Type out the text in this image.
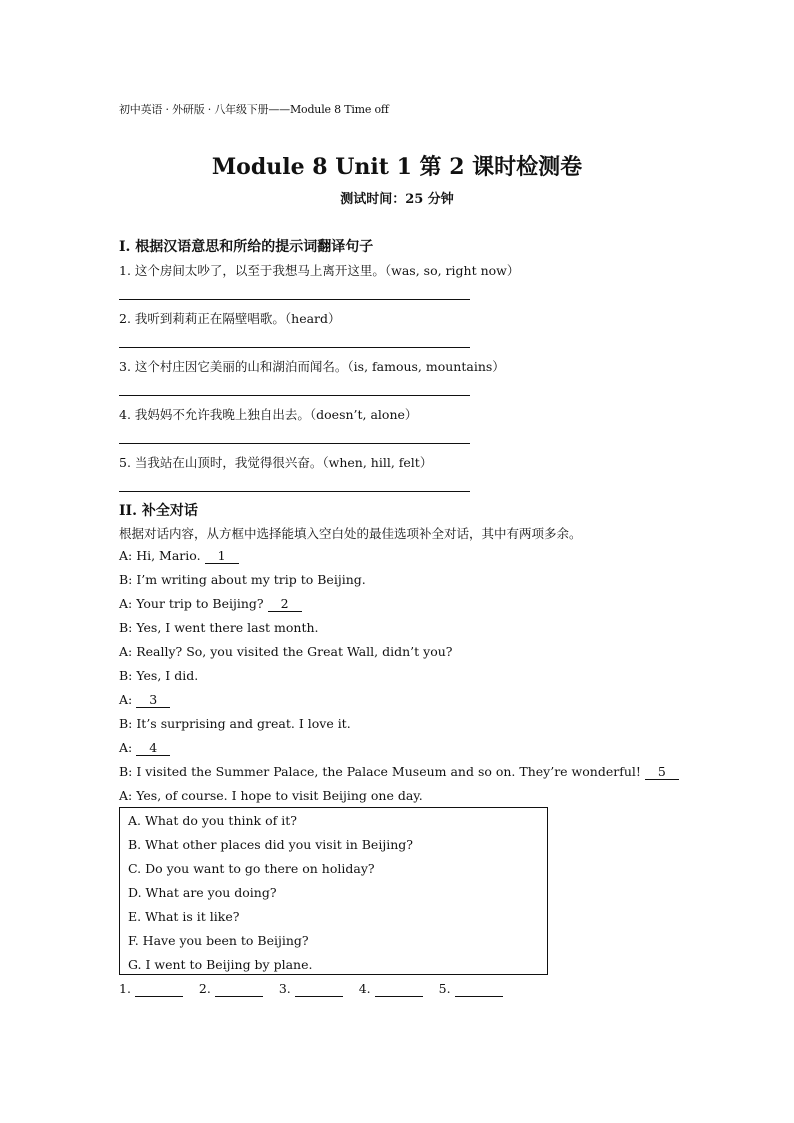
初中英语 · 外研版 · 八年级下册——Module 8 Time off
Module 8 Unit 1 第 2 课时检测卷
测试时间：25 分钟
I. 根据汉语意思和所给的提示词翻译句子
1. 这个房间太吵了，以至于我想马上离开这里。（was, so, right now）
2. 我听到莉莉正在隔壁唱歌。（heard）
3. 这个村庄因它美丽的山和湖泊而闻名。（is, famous, mountains）
4. 我妈妈不允许我晚上独自出去。（doesn’t, alone）
5. 当我站在山顶时，我觉得很兴奋。（when, hill, felt）
II. 补全对话
根据对话内容，从方框中选择能填入空白处的最佳选项补全对话，其中有两项多余。
A: Hi, Mario. 1
B: I’m writing about my trip to Beijing.
A: Your trip to Beijing? 2
B: Yes, I went there last month.
A: Really? So, you visited the Great Wall, didn’t you?
B: Yes, I did.
A: 3
B: It’s surprising and great. I love it.
A: 4
B: I visited the Summer Palace, the Palace Museum and so on. They’re wonderful! 5
A: Yes, of course. I hope to visit Beijing one day.
A. What do you think of it?
B. What other places did you visit in Beijing?
C. Do you want to go there on holiday?
D. What are you doing?
E. What is it like?
F. Have you been to Beijing?
G. I went to Beijing by plane.
1.	2.	3.	4.	5.
